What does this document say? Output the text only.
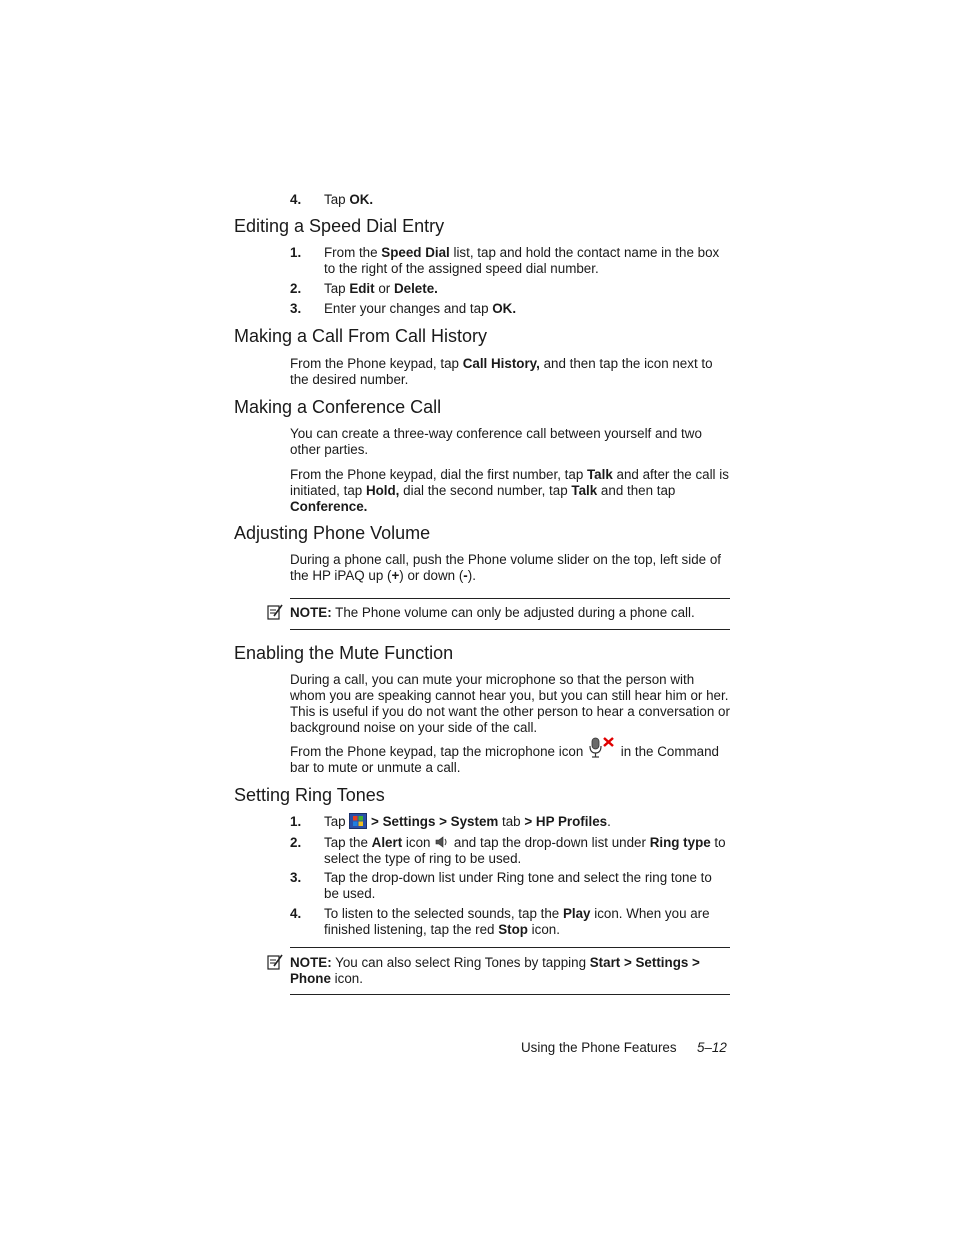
4. Tap OK.
Editing a Speed Dial Entry
1. From the Speed Dial list, tap and hold the contact name in the box to the right of the assigned speed dial number.
2. Tap Edit or Delete.
3. Enter your changes and tap OK.
Making a Call From Call History

From the Phone keypad, tap Call History, and then tap the icon next to the desired number.

Making a Conference Call

You can create a three-way conference call between yourself and two other parties.

From the Phone keypad, dial the first number, tap Talk and after the call is initiated, tap Hold, dial the second number, tap Talk and then tap Conference.

Adjusting Phone Volume

During a phone call, push the Phone volume slider on the top, left side of the HP iPAQ up (+) or down (-).

NOTE: The Phone volume can only be adjusted during a phone call.

Enabling the Mute Function

During a call, you can mute your microphone so that the person with whom you are speaking cannot hear you, but you can still hear him or her. This is useful if you do not want the other person to hear a conversation or background noise on your side of the call.

From the Phone keypad, tap the microphone icon  in the Command bar to mute or unmute a call.

Setting Ring Tones
1. Tap  > Settings > System tab > HP Profiles.
2. Tap the Alert icon  and tap the drop-down list under Ring type to select the type of ring to be used.
3. Tap the drop-down list under Ring tone and select the ring tone to be used.
4. To listen to the selected sounds, tap the Play icon. When you are finished listening, tap the red Stop icon.

NOTE: You can also select Ring Tones by tapping Start > Settings > Phone icon.

Using the Phone Features 5–12
